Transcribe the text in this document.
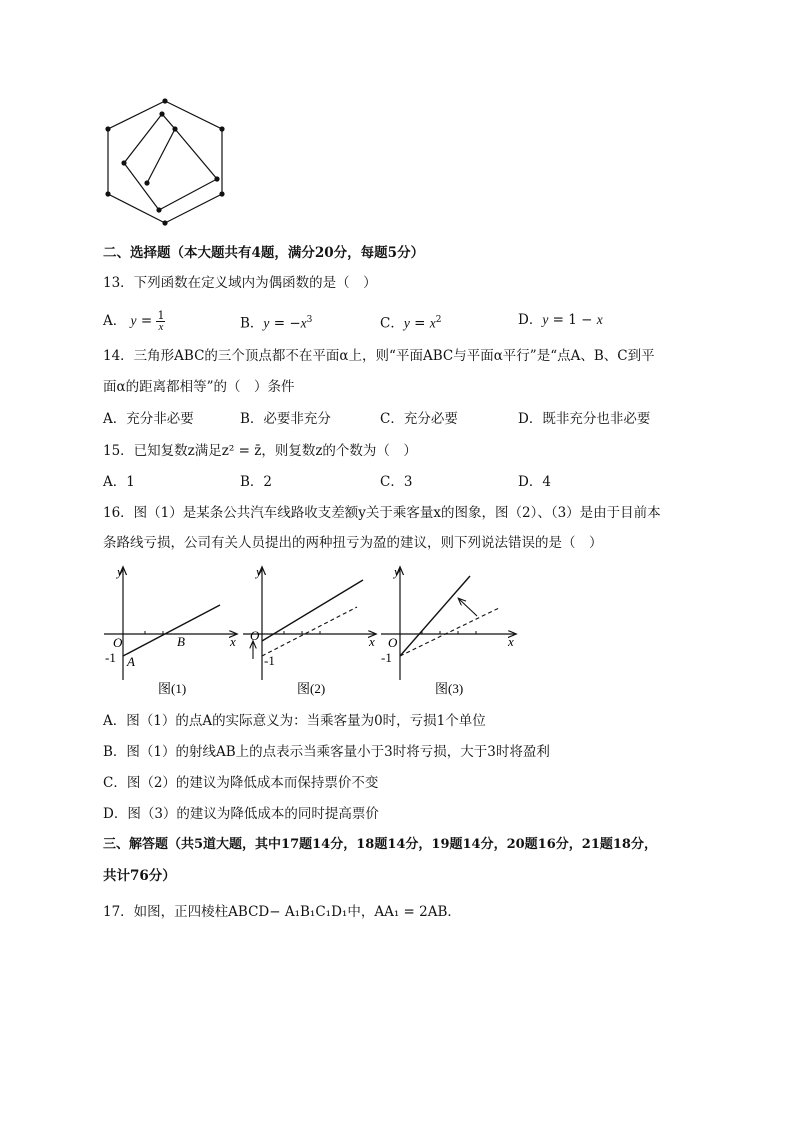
二、选择题（本大题共有4题，满分20分，每题5分）
13．下列函数在定义域内为偶函数的是（　）
A． $y = \frac{1}{x}$	B．$y = -x^3$	C．$y = x^2$	D．y = 1 − x
14．三角形ABC的三个顶点都不在平面α上，则“平面ABC与平面α平行”是“点A、B、C到平
面α的距离都相等”的（　）条件
A．充分非必要	B．必要非充分	C．充分必要	D．既非充分也非必要
15．已知复数z满足z² = z̄，则复数z的个数为（　）
A．1	B．2	C．3	D．4
16．图（1）是某条公共汽车线路收支差额y关于乘客量x的图象，图（2）、（3）是由于目前本
条路线亏损，公司有关人员提出的两种扭亏为盈的建议，则下列说法错误的是（　）
y
x
O
-1 A
B
图(1)
y
x
O
-1
图(2)
y
x
O
-1
图(3)
A．图（1）的点A的实际意义为：当乘客量为0时，亏损1个单位
B．图（1）的射线AB上的点表示当乘客量小于3时将亏损，大于3时将盈利
C．图（2）的建议为降低成本而保持票价不变
D．图（3）的建议为降低成本的同时提高票价
三、解答题（共5道大题，其中17题14分，18题14分，19题14分，20题16分，21题18分，
共计76分）
17．如图，正四棱柱ABCD− A₁B₁C₁D₁中，AA₁ = 2AB．
